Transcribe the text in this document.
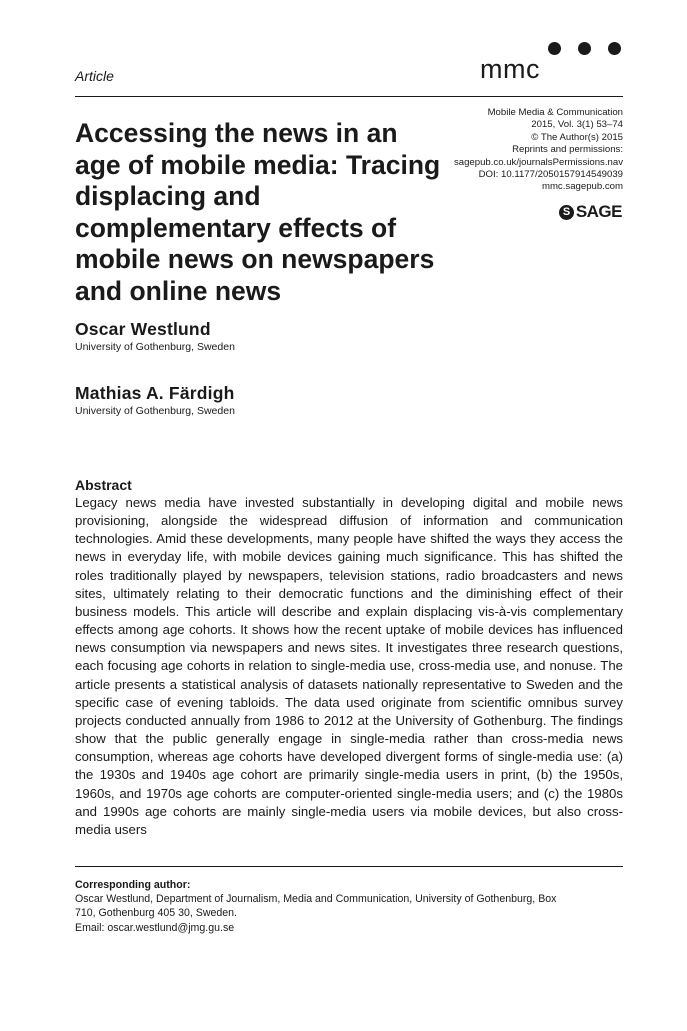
Article	mmc
Mobile Media & Communication
2015, Vol. 3(1) 53–74
© The Author(s) 2015
Reprints and permissions:
sagepub.co.uk/journalsPermissions.nav
DOI: 10.1177/2050157914549039
mmc.sagepub.com
S SAGE
Accessing the news in an age of mobile media: Tracing displacing and complementary effects of mobile news on newspapers and online news
Oscar Westlund
University of Gothenburg, Sweden
Mathias A. Färdigh
University of Gothenburg, Sweden
Abstract

Legacy news media have invested substantially in developing digital and mobile news provisioning, alongside the widespread diffusion of information and communication technologies. Amid these developments, many people have shifted the ways they access the news in everyday life, with mobile devices gaining much significance. This has shifted the roles traditionally played by newspapers, television stations, radio broadcasters and news sites, ultimately relating to their democratic functions and the diminishing effect of their business models. This article will describe and explain displacing vis-à-vis complementary effects among age cohorts. It shows how the recent uptake of mobile devices has influenced news consumption via newspapers and news sites. It investigates three research questions, each focusing age cohorts in relation to single-media use, cross-media use, and nonuse. The article presents a statistical analysis of datasets nationally representative to Sweden and the specific case of evening tabloids. The data used originate from scientific omnibus survey projects conducted annually from 1986 to 2012 at the University of Gothenburg. The findings show that the public generally engage in single-media rather than cross-media news consumption, whereas age cohorts have developed divergent forms of single-media use: (a) the 1930s and 1940s age cohort are primarily single-media users in print, (b) the 1950s, 1960s, and 1970s age cohorts are computer-oriented single-media users; and (c) the 1980s and 1990s age cohorts are mainly single-media users via mobile devices, but also cross-media users

Corresponding author:
Oscar Westlund, Department of Journalism, Media and Communication, University of Gothenburg, Box
710, Gothenburg 405 30, Sweden.
Email: oscar.westlund@jmg.gu.se
